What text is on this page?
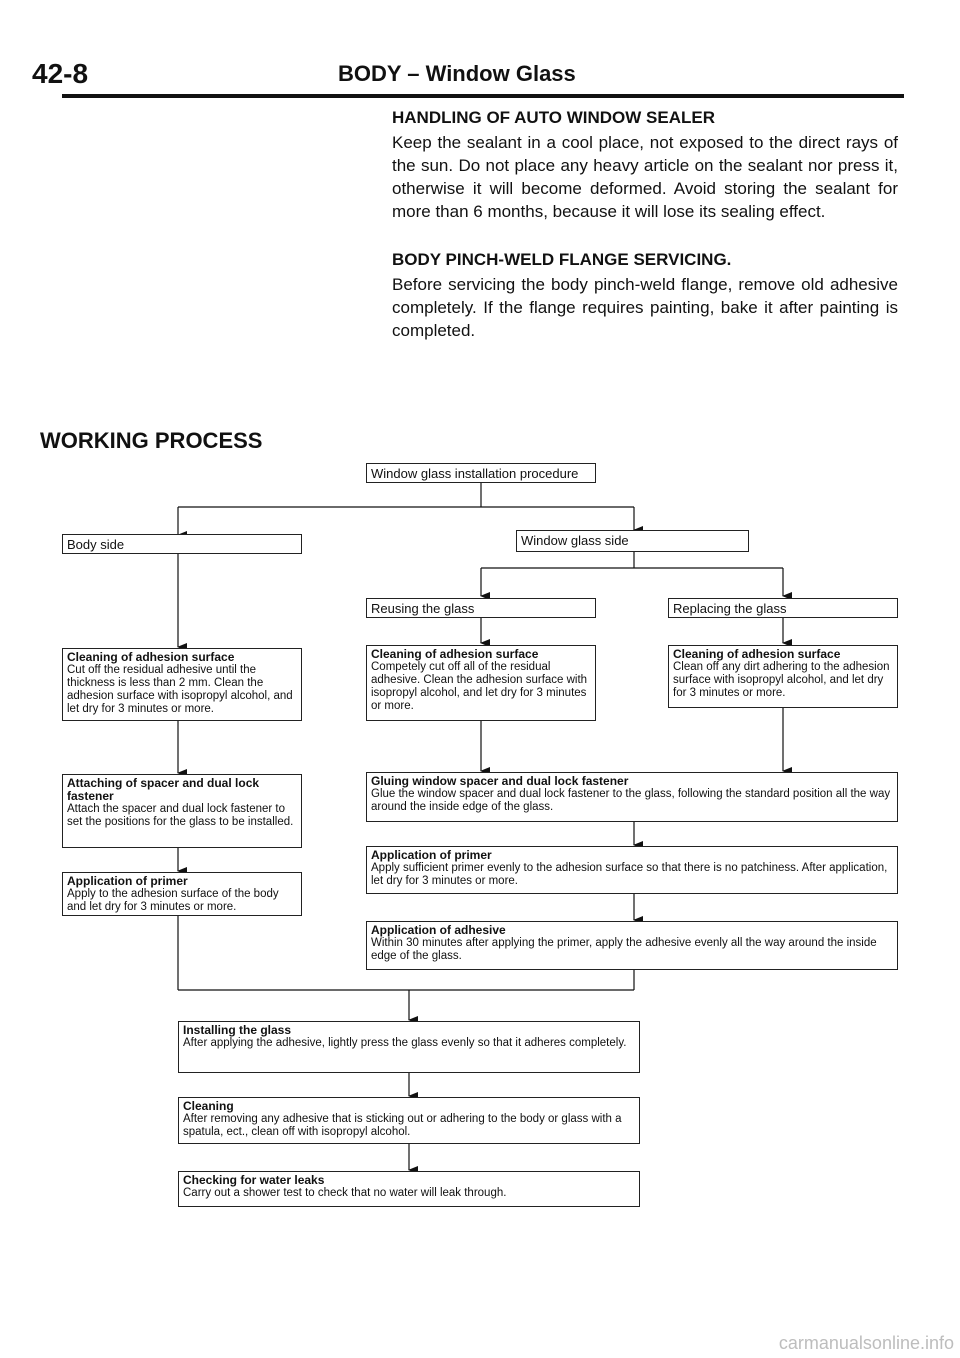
42-8	BODY – Window Glass
HANDLING OF AUTO WINDOW SEALER
Keep the sealant in a cool place, not exposed to the direct rays of the sun. Do not place any heavy article on the sealant nor press it, otherwise it will become deformed. Avoid storing the sealant for more than 6 months, because it will lose its sealing effect.
BODY PINCH-WELD FLANGE SERVICING.
Before servicing the body pinch-weld flange, remove old adhesive completely. If the flange requires painting, bake it after painting is completed.
WORKING PROCESS
Window glass installation procedure
Body side	Window glass side
Reusing the glass	Replacing the glass
Cleaning of adhesion surface
Cut off the residual adhesive until the thickness is less than 2 mm. Clean the adhesion surface with isopropyl alcohol, and let dry for 3 minutes or more.
Cleaning of adhesion surface
Competely cut off all of the residual adhesive. Clean the adhesion surface with isopropyl alcohol, and let dry for 3 minutes or more.
Cleaning of adhesion surface
Clean off any dirt adhering to the adhesion surface with isopropyl alcohol, and let dry for 3 minutes or more.
Attaching of spacer and dual lock fastener
Attach the spacer and dual lock fastener to set the positions for the glass to be installed.
Gluing window spacer and dual lock fastener
Glue the window spacer and dual lock fastener to the glass, following the standard position all the way around the inside edge of the glass.
Application of primer
Apply sufficient primer evenly to the adhesion surface so that there is no patchiness. After application, let dry for 3 minutes or more.
Application of primer
Apply to the adhesion surface of the body and let dry for 3 minutes or more.
Application of adhesive
Within 30 minutes after applying the primer, apply the adhesive evenly all the way around the inside edge of the glass.
Installing the glass
After applying the adhesive, lightly press the glass evenly so that it adheres completely.
Cleaning
After removing any adhesive that is sticking out or adhering to the body or glass with a spatula, ect., clean off with isopropyl alcohol.
Checking for water leaks
Carry out a shower test to check that no water will leak through.
carmanualsonline.info
